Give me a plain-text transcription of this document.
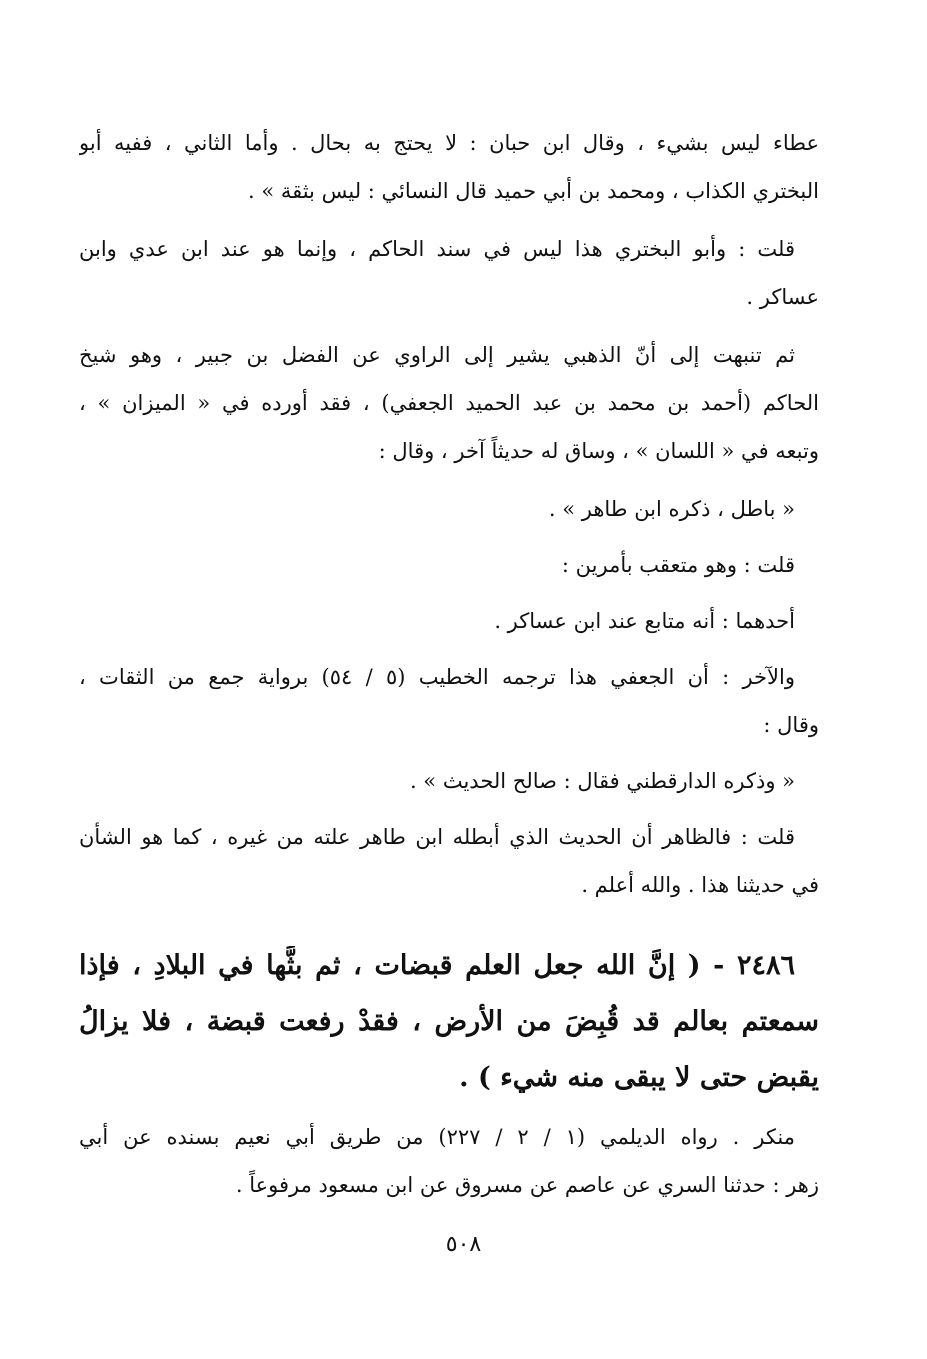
عطاء ليس بشيء ، وقال ابن حبان : لا يحتج به بحال . وأما الثاني ، ففيه أبو
البختري الكذاب ، ومحمد بن أبي حميد قال النسائي : ليس بثقة » .
قلت : وأبو البختري هذا ليس في سند الحاكم ، وإنما هو عند ابن عدي وابن
عساكر .
ثم تنبهت إلى أنّ الذهبي يشير إلى الراوي عن الفضل بن جبير ، وهو شيخ
الحاكم (أحمد بن محمد بن عبد الحميد الجعفي) ، فقد أورده في « الميزان » ،
وتبعه في « اللسان » ، وساق له حديثاً آخر ، وقال :
« باطل ، ذكره ابن طاهر » .
قلت : وهو متعقب بأمرين :
أحدهما : أنه متابع عند ابن عساكر .
والآخر : أن الجعفي هذا ترجمه الخطيب (٥ / ٥٤) برواية جمع من الثقات ،
وقال :
« وذكره الدارقطني فقال : صالح الحديث » .
قلت : فالظاهر أن الحديث الذي أبطله ابن طاهر علته من غيره ، كما هو الشأن
في حديثنا هذا . والله أعلم .
٢٤٨٦ - ( إنَّ الله جعل العلم قبضات ، ثم بثَّها في البلادِ ، فإذا
سمعتم بعالم قد قُبِضَ من الأرض ، فقدْ رفعت قبضة ، فلا يزالُ
يقبض حتى لا يبقى منه شيء ) .
منكر . رواه الديلمي (١ / ٢ / ٢٢٧) من طريق أبي نعيم بسنده عن أبي
زهر : حدثنا السري عن عاصم عن مسروق عن ابن مسعود مرفوعاً .
٥٠٨
